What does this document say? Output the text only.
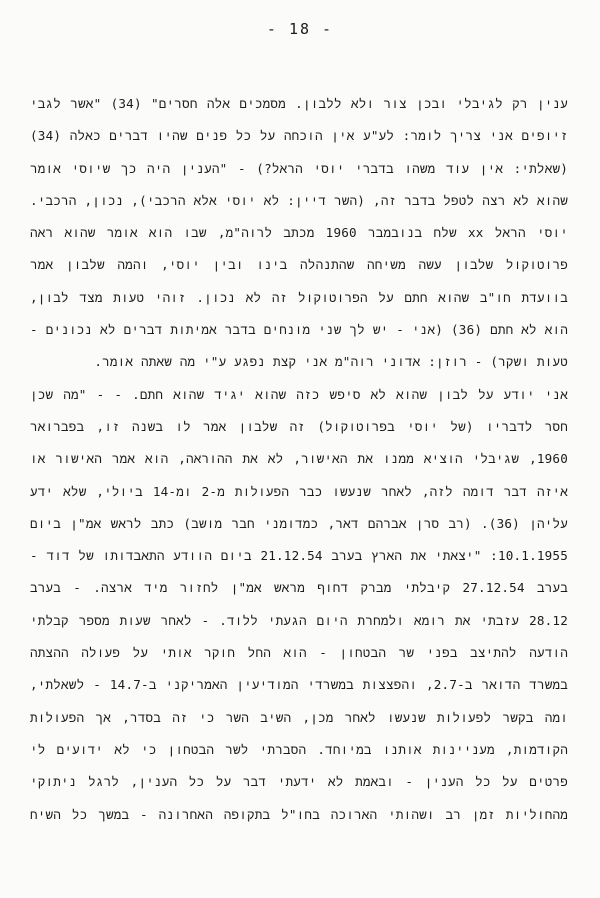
- 18 -
ענין רק לגיבלי ובכן צור ולא ללבון. מסמכים אלה חסרים" (34) "אשר לגבי
זיופים אני צריך לומר: לע"ע אין הוכחה על כל פנים שהיו דברים כאלה (34)
(שאלתי: אין עוד משהו בדברי יוסי הראל?) - "הענין היה כך שיוסי אומר
שהוא לא רצה לטפל בדבר זה, (השר דיין: לא יוסי אלא הרכבי), נכון, הרכבי.
יוסי הראל xx שלח בנובמבר 1960 מכתב לרוה"מ, שבו הוא אומר שהוא ראה
פרוטוקול שלבון עשה משיחה שהתנהלה בינו ובין יוסי, והמה שלבון אמר
בוועדת חו"ב שהוא חתם על הפרוטוקול זה לא נכון. זוהי טעות מצד לבון,
הוא לא חתם (36) (אני - יש לך שני מונחים בדבר אמיתות דברים לא נכונים -
טעות ושקר) - רוזן: אדוני רוה"מ אני קצת נפגע ע"י מה שאתה אומר.
אני יודע על לבון שהוא לא סיפש כזה שהוא יגיד שהוא חתם. - - "מה שכן
חסר לדבריו (של יוסי בפרוטוקול) זה שלבון אמר לו בשנה זו, בפברואר
1960, שגיבלי הוציא ממנו את האישור, לא את ההוראה, הוא אמר האישור או
איזה דבר דומה לזה, לאחר שנעשו כבר הפעולות מ-2 ומ-14 ביולי, שלא ידע
עליהן (36). (רב סרן אברהם דאר, כמדומני חבר מושב) כתב לראש אמ"ן ביום
10.1.1955: "יצאתי את הארץ בערב 21.12.54 ביום הוודע התאבדותו של דוד -
בערב 27.12.54 קיבלתי מברק דחוף מראש אמ"ן לחזור מיד ארצה. - בערב
28.12 עזבתי את רומא ולמחרת היום הגעתי ללוד. - לאחר שעות מספר קבלתי
הודעה להתיצב בפני שר הבטחון - הוא החל חוקר אותי על פעולה ההצתה
במשרד הדואר ב-2.7, והפצצות במשרדי המודיעין האמריקני ב-14.7 - לשאלתי,
ומה בקשר לפעולות שנעשו לאחר מכן, השיב השר כי זה בסדר, אך הפעולות
הקודמות, מעניינות אותנו במיוחד. הסברתי לשר הבטחון כי לא ידועים לי
פרטים על כל הענין - ובאמת לא ידעתי דבר על כל הענין, לרגל ניתוקי
מהחוליות זמן רב ושהותי הארוכה בחו"ל בתקופה האחרונה - במשך כל השיח
